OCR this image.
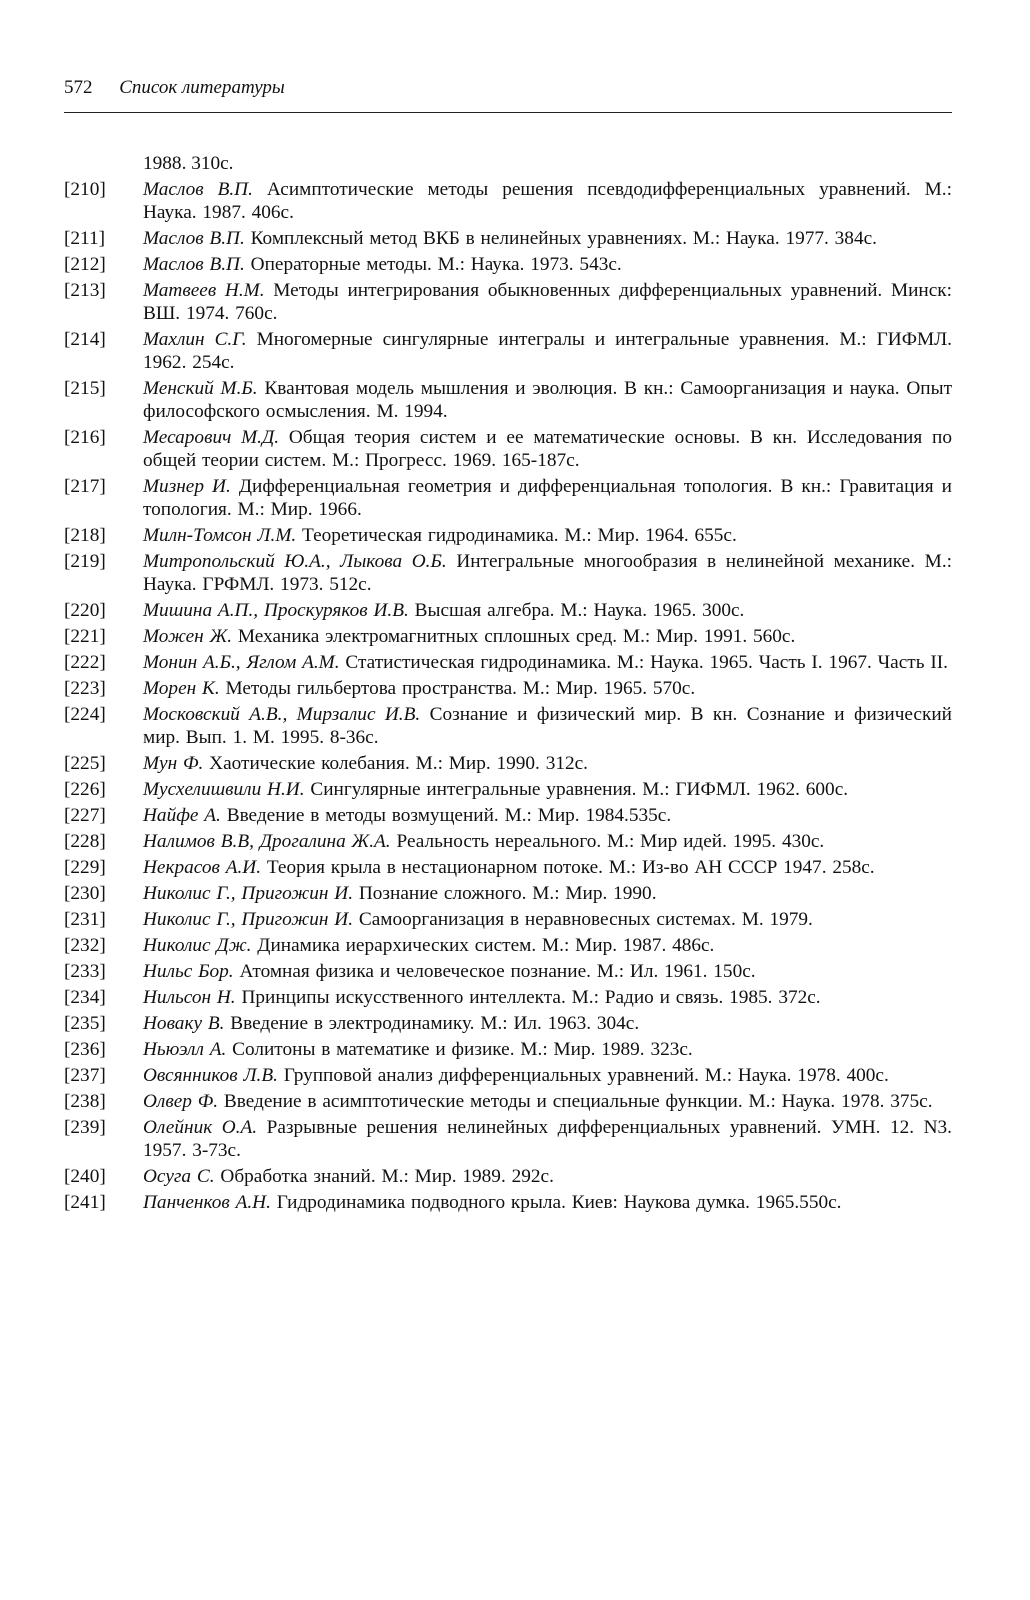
572 Список литературы
1988. 310с.
[210]	Маслов В.П. Асимптотические методы решения псевдодифференциальных уравнений. М.: Наука. 1987. 406с.
[211]	Маслов В.П. Комплексный метод ВКБ в нелинейных уравнениях. М.: Наука. 1977. 384с.
[212]	Маслов В.П. Операторные методы. М.: Наука. 1973. 543с.
[213]	Матвеев Н.М. Методы интегрирования обыкновенных дифференциальных уравнений. Минск: ВШ. 1974. 760с.
[214]	Махлин С.Г. Многомерные сингулярные интегралы и интегральные уравнения. М.: ГИФМЛ. 1962. 254с.
[215]	Менский М.Б. Квантовая модель мышления и эволюция. В кн.: Самоорганизация и наука. Опыт философского осмысления. М. 1994.
[216]	Месарович М.Д. Общая теория систем и ее математические основы. В кн. Исследования по общей теории систем. М.: Прогресс. 1969. 165-187с.
[217]	Мизнер И. Дифференциальная геометрия и дифференциальная топология. В кн.: Гравитация и топология. М.: Мир. 1966.
[218]	Милн-Томсон Л.М. Теоретическая гидродинамика. М.: Мир. 1964. 655с.
[219]	Митропольский Ю.А., Лыкова О.Б. Интегральные многообразия в нелинейной механике. М.: Наука. ГРФМЛ. 1973. 512с.
[220]	Мишина А.П., Проскуряков И.В. Высшая алгебра. М.: Наука. 1965. 300с.
[221]	Можен Ж. Механика электромагнитных сплошных сред. М.: Мир. 1991. 560с.
[222]	Монин А.Б., Яглом А.М. Статистическая гидродинамика. М.: Наука. 1965. Часть I. 1967. Часть II.
[223]	Морен К. Методы гильбертова пространства. М.: Мир. 1965. 570с.
[224]	Московский А.В., Мирзалис И.В. Сознание и физический мир. В кн. Сознание и физический мир. Вып. 1. М. 1995. 8-36с.
[225]	Мун Ф. Хаотические колебания. М.: Мир. 1990. 312с.
[226]	Мусхелишвили Н.И. Сингулярные интегральные уравнения. М.: ГИФМЛ. 1962. 600с.
[227]	Найфе А. Введение в методы возмущений. М.: Мир. 1984.535с.
[228]	Налимов В.В, Дрогалина Ж.А. Реальность нереального. М.: Мир идей. 1995. 430с.
[229]	Некрасов А.И. Теория крыла в нестационарном потоке. М.: Из-во АН СССР 1947. 258с.
[230]	Николис Г., Пригожин И. Познание сложного. М.: Мир. 1990.
[231]	Николис Г., Пригожин И. Самоорганизация в неравновесных системах. М. 1979.
[232]	Николис Дж. Динамика иерархических систем. М.: Мир. 1987. 486с.
[233]	Нильс Бор. Атомная физика и человеческое познание. М.: Ил. 1961. 150с.
[234]	Нильсон Н. Принципы искусственного интеллекта. М.: Радио и связь. 1985. 372с.
[235]	Новаку В. Введение в электродинамику. М.: Ил. 1963. 304с.
[236]	Ньюэлл А. Солитоны в математике и физике. М.: Мир. 1989. 323с.
[237]	Овсянников Л.В. Групповой анализ дифференциальных уравнений. М.: Наука. 1978. 400с.
[238]	Олвер Ф. Введение в асимптотические методы и специальные функции. М.: Наука. 1978. 375с.
[239]	Олейник О.А. Разрывные решения нелинейных дифференциальных уравнений. УМН. 12. N3. 1957. 3-73с.
[240]	Осуга С. Обработка знаний. М.: Мир. 1989. 292с.
[241]	Панченков А.Н. Гидродинамика подводного крыла. Киев: Наукова думка. 1965.550с.
